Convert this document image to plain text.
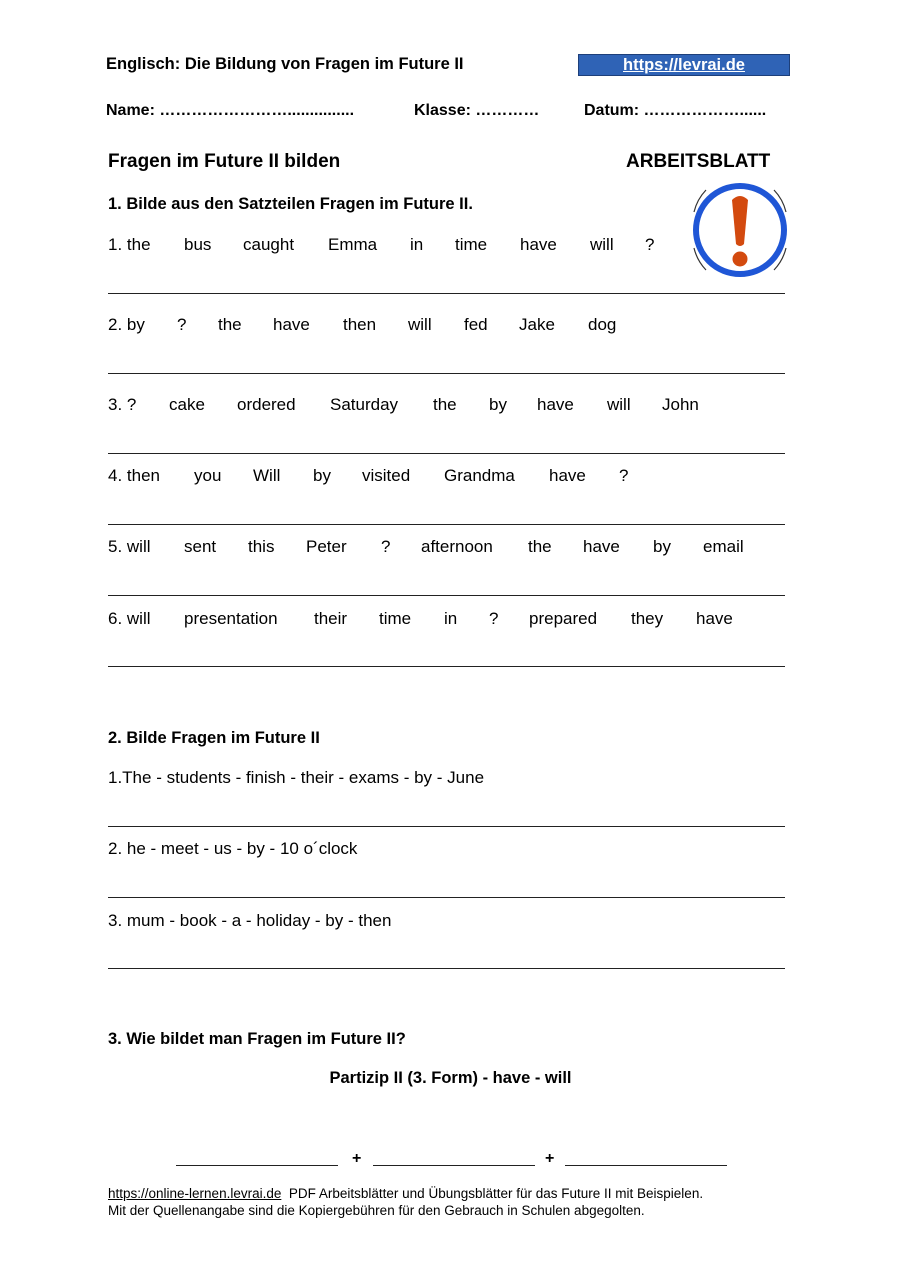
Englisch: Die Bildung von Fragen im Future II	https://levrai.de
Name: ……………………...............	Klasse: …………	Datum: ………………......
Fragen im Future II bilden	ARBEITSBLATT
1. Bilde aus den Satzteilen Fragen im Future II.
1. the bus caught Emma in time have will ?
2. by ? the have then will fed Jake dog
3. ? cake ordered Saturday the by have will John
4. then you Will by visited Grandma have ?
5. will sent this Peter ? afternoon the have by email
6. will presentation their time in ? prepared they have
2. Bilde Fragen im Future II
1.The - students - finish - their - exams - by - June
2. he - meet - us - by - 10 o´clock
3. mum - book - a - holiday - by - then
3. Wie bildet man Fragen im Future II?
Partizip II (3. Form) - have - will
+	+
https://online-lernen.levrai.de PDF Arbeitsblätter und Übungsblätter für das Future II mit Beispielen.
Mit der Quellenangabe sind die Kopiergebühren für den Gebrauch in Schulen abgegolten.
